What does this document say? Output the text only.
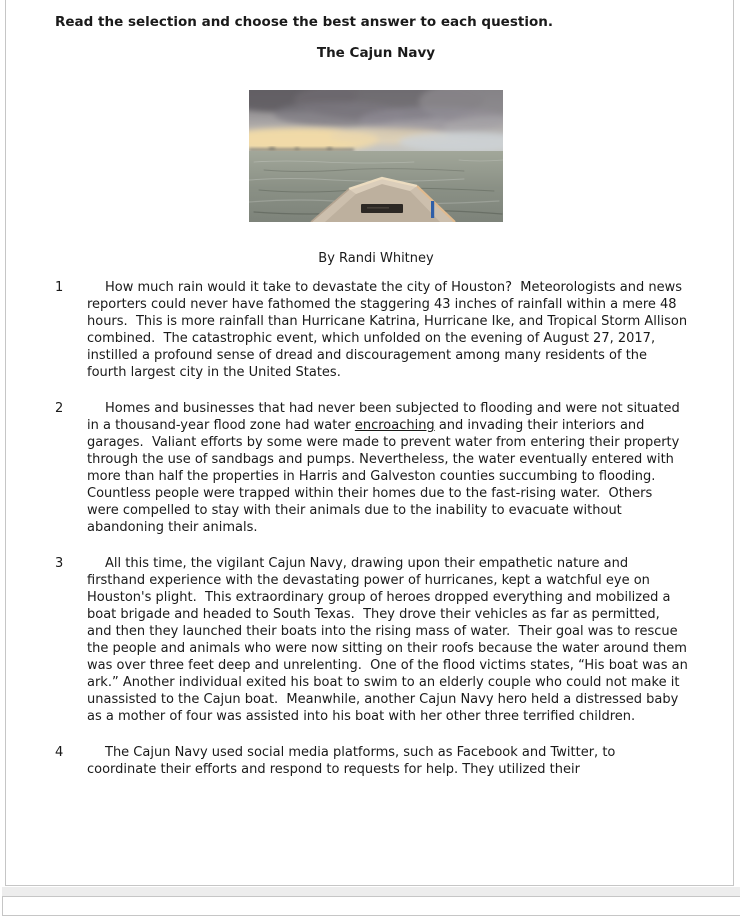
Read the selection and choose the best answer to each question.
The Cajun Navy

By Randi Whitney

1	How much rain would it take to devastate the city of Houston?  Meteorologists and news reporters could never have fathomed the staggering 43 inches of rainfall within a mere 48 hours.  This is more rainfall than Hurricane Katrina, Hurricane Ike, and Tropical Storm Allison combined.  The catastrophic event, which unfolded on the evening of August 27, 2017, instilled a profound sense of dread and discouragement among many residents of the fourth largest city in the United States.
2	Homes and businesses that had never been subjected to flooding and were not situated in a thousand-year flood zone had water encroaching and invading their interiors and garages.  Valiant efforts by some were made to prevent water from entering their property through the use of sandbags and pumps. Nevertheless, the water eventually entered with more than half the properties in Harris and Galveston counties succumbing to flooding.  Countless people were trapped within their homes due to the fast-rising water.  Others were compelled to stay with their animals due to the inability to evacuate without abandoning their animals.
3	All this time, the vigilant Cajun Navy, drawing upon their empathetic nature and firsthand experience with the devastating power of hurricanes, kept a watchful eye on Houston's plight.  This extraordinary group of heroes dropped everything and mobilized a boat brigade and headed to South Texas.  They drove their vehicles as far as permitted, and then they launched their boats into the rising mass of water.  Their goal was to rescue the people and animals who were now sitting on their roofs because the water around them was over three feet deep and unrelenting.  One of the flood victims states, “His boat was an ark.” Another individual exited his boat to swim to an elderly couple who could not make it unassisted to the Cajun boat.  Meanwhile, another Cajun Navy hero held a distressed baby as a mother of four was assisted into his boat with her other three terrified children.
4	The Cajun Navy used social media platforms, such as Facebook and Twitter, to coordinate their efforts and respond to requests for help. They utilized their
